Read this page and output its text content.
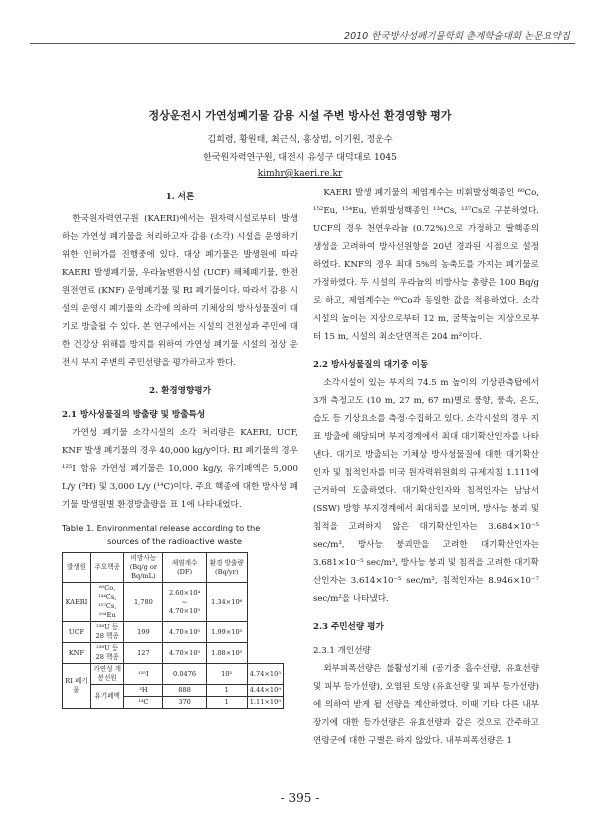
2010 한국방사성폐기물학회 춘계학술대회 논문요약집
정상운전시 가연성폐기물 감용 시설 주변 방사선 환경영향 평가
김희령, 황원태, 최근식, 홍상범, 이기원, 정운수
한국원자력연구원, 대전시 유성구 대덕대로 1045
kimhr@kaeri.re.kr
1. 서론

한국원자력연구원 (KAERI)에서는 원자력시설로부터 발생하는 가연성 폐기물을 처리하고자 감용 (소각) 시설을 운영하기 위한 인허가를 진행중에 있다. 대상 폐기물은 발생원에 따라 KAERI 발생폐기물, 우라늄변환시설 (UCF) 해체폐기물, 한전원전연료 (KNF) 운영폐기물 및 RI 폐기물이다. 따라서 감용 시설의 운영시 폐기물의 소각에 의하여 기체상의 방사성물질이 대기로 방출될 수 있다. 본 연구에서는 시설의 건전성과 주민에 대한 건강상 위해를 방지를 위하여 가연성 폐기물 시설의 정상 운전시 부지 주변의 주민선량을 평가하고자 한다.

2. 환경영향평가
2.1 방사성물질의 방출량 및 방출특성

가연성 폐기물 소각시설의 소각 처리량은 KAERI, UCF, KNF 발생 폐기물의 경우 40,000 kg/y이다. RI 폐기물의 경우 ¹²⁵I 함유 가연성 폐기물은 10,000 kg/y, 유기폐액은 5,000 L/y (³H) 및 3,000 L/y (¹⁴C)이다. 주요 핵종에 대한 방사성 폐기물 발생원별 환경방출량을 표 1에 나타내었다.

Table 1. Environmental release according to the
sources of the radioactive waste
발생원	주요핵종	비방사능 (Bq/g or Bq/mL)	제염계수 (DF)	환경 방출량 (Bq/yr)	
KAERI	⁶⁰Co, ¹³⁴Cs, ¹³⁷Cs, ¹⁵⁴Eu	1,780	2.60×10⁴ ~ 4.70×10⁵	1.34×10⁶	
UCF	²³⁸U 등 28 핵종	199	4.70×10⁵	1.99×10⁵	
KNF	²³⁸U 등 28 핵종	127	4.70×10⁵	1.08×10⁵	
RI 폐기물	가연성 개봉선원	¹²⁵I	0.0476	10²	4.74×10³
	유기폐액	³H	888	1	4.44×10⁹
		¹⁴C	370	1	1.11×10⁹

KAERI 발생 폐기물의 제염계수는 비휘발성핵종인 ⁶⁰Co, ¹⁵²Eu, ¹⁵⁴Eu, 반휘발성핵종인 ¹³⁴Cs, ¹³⁷Cs로 구분하였다. UCF의 경우 천연우라늄 (0.72%)으로 가정하고 딸핵종의 생성을 고려하여 방사선원항을 20년 경과된 시점으로 설정하였다. KNF의 경우 최대 5%의 농축도를 가지는 폐기물로 가정하였다. 두 시설의 우라늄의 비방사능 총량은 100 Bq/g로 하고, 제염계수는 ⁶⁰Co과 동일한 값을 적용하였다. 소각 시설의 높이는 지상으로부터 12 m, 굴뚝높이는 지상으로부터 15 m, 시설의 최소단면적은 204 m²이다.

2.2 방사성물질의 대기중 이동

소각시설이 있는 부지의 74.5 m 높이의 기상관측탑에서 3개 측정고도 (10 m, 27 m, 67 m)별로 풍향, 풍속, 온도, 습도 등 기상요소를 측정·수집하고 있다. 소각시설의 경우 지표 방출에 해당되며 부지경계에서 최대 대기확산인자를 나타낸다. 대기로 방출되는 기체상 방사성물질에 대한 대기확산인자 및 침적인자를 미국 원자력위원회의 규제지침 1.111에 근거하여 도출하였다. 대기확산인자와 침적인자는 남남서 (SSW) 방향 부지경계에서 최대치를 보이며, 방사능 붕괴 및 침적을 고려하지 않은 대기확산인자는 3.684×10⁻⁵ sec/m³, 방사능 붕괴만을 고려한 대기확산인자는 3.681×10⁻⁵ sec/m³, 방사능 붕괴 및 침적을 고려한 대기확산인자는 3.614×10⁻⁵ sec/m³, 침적인자는 8.946×10⁻⁷ sec/m²을 나타냈다.

2.3 주민선량 평가
2.3.1 개인선량

외부피폭선량은 불활성기체 (공기중 흡수선량, 유효선량 및 피부 등가선량), 오염된 토양 (유효선량 및 피부 등가선량)에 의하여 받게 될 선량을 계산하였다. 이때 기타 다른 내부 장기에 대한 등가선량은 유효선량과 같은 것으로 간주하고 연령군에 대한 구별은 하지 않았다. 내부피폭선량은 1

- 395 -
